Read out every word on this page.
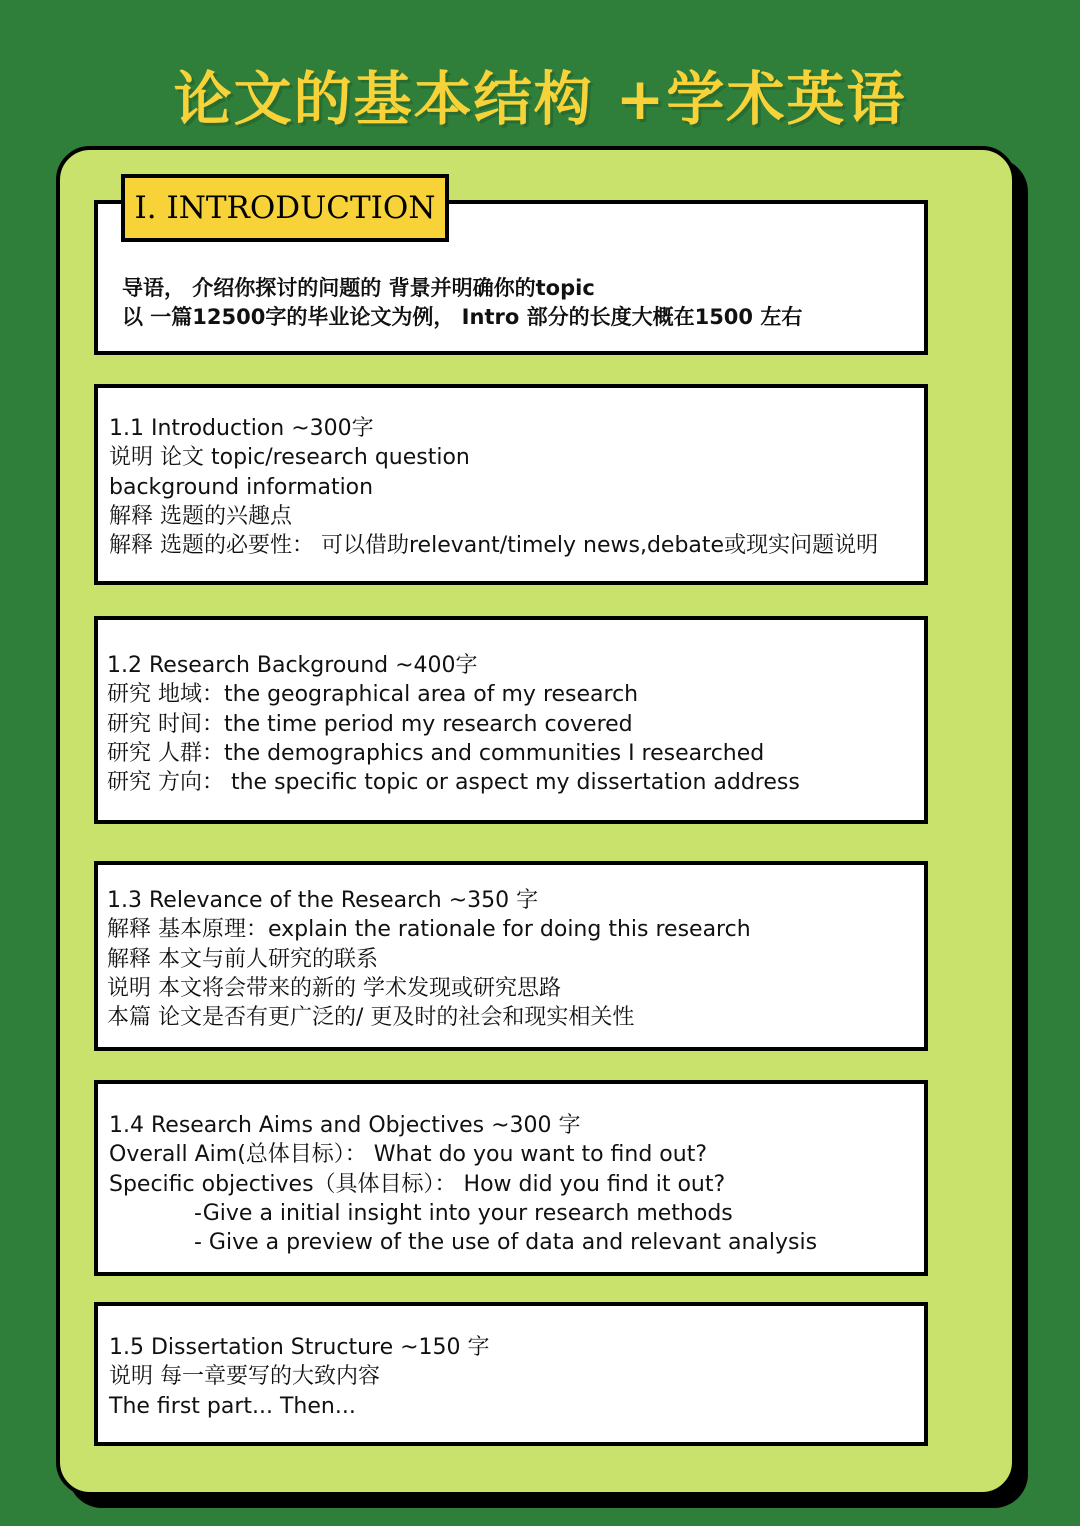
论文的基本结构 +学术英语
I. INTRODUCTION
导语， 介绍你探讨的问题的 背景并明确你的topic
以 一篇12500字的毕业论文为例， Intro 部分的长度大概在1500 左右
1.1 Introduction ~300字
说明 论文 topic/research question
background information
解释 选题的兴趣点
解释 选题的必要性： 可以借助relevant/timely news,debate或现实问题说明
1.2 Research Background ~400字
研究 地域：the geographical area of my research
研究 时间：the time period my research covered
研究 人群：the demographics and communities I researched
研究 方向： the specific topic or aspect my dissertation address
1.3 Relevance of the Research ~350 字
解释 基本原理：explain the rationale for doing this research
解释 本文与前人研究的联系
说明 本文将会带来的新的 学术发现或研究思路
本篇 论文是否有更广泛的/ 更及时的社会和现实相关性
1.4 Research Aims and Objectives ~300 字
Overall Aim(总体目标）： What do you want to find out?
Specific objectives（具体目标）： How did you find it out?
-Give a initial insight into your research methods
- Give a preview of the use of data and relevant analysis
1.5 Dissertation Structure ~150 字
说明 每一章要写的大致内容
The first part... Then...
